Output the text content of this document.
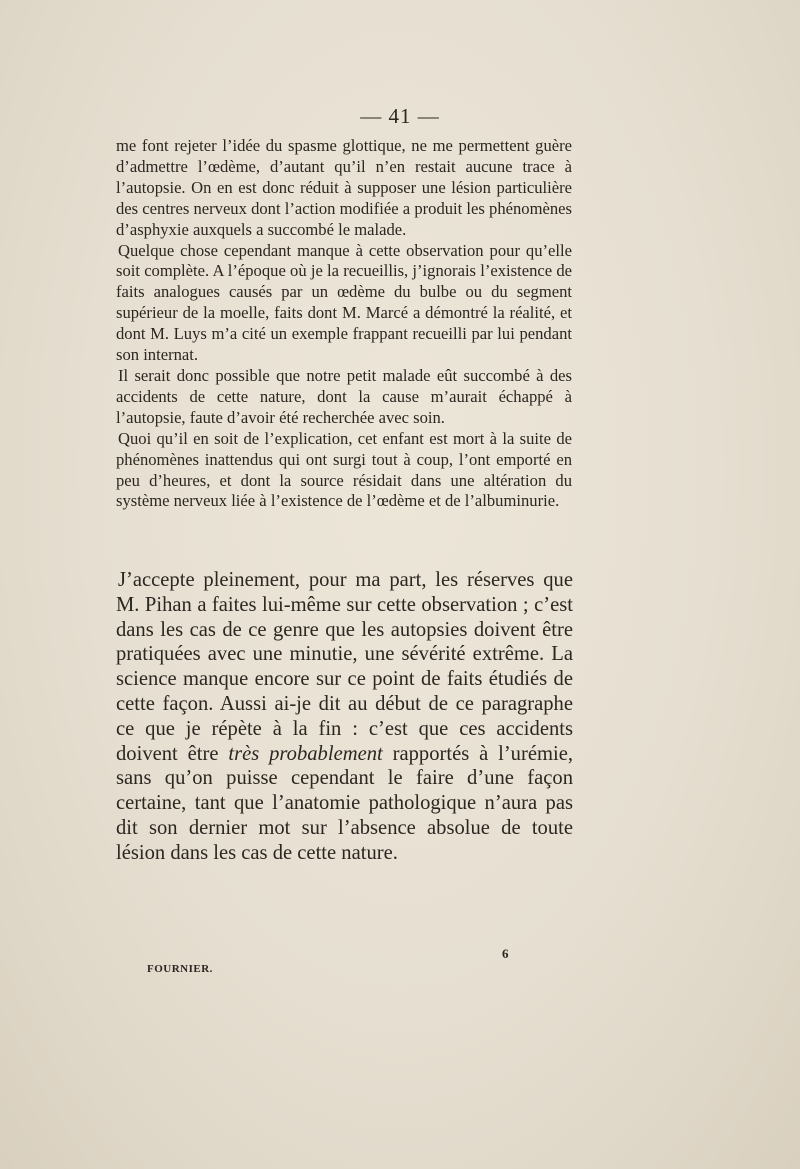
— 41 —

me font rejeter l’idée du spasme glottique, ne me permettent guère d’admettre l’œdème, d’autant qu’il n’en restait aucune trace à l’autopsie. On en est donc réduit à supposer une lésion particulière des centres nerveux dont l’action modifiée a produit les phénomènes d’asphyxie auxquels a succombé le malade.

Quelque chose cependant manque à cette observation pour qu’elle soit complète. A l’époque où je la recueillis, j’ignorais l’existence de faits analogues causés par un œdème du bulbe ou du segment supérieur de la moelle, faits dont M. Marcé a démontré la réalité, et dont M. Luys m’a cité un exemple frappant recueilli par lui pendant son internat.

Il serait donc possible que notre petit malade eût succombé à des accidents de cette nature, dont la cause m’aurait échappé à l’autopsie, faute d’avoir été recherchée avec soin.

Quoi qu’il en soit de l’explication, cet enfant est mort à la suite de phénomènes inattendus qui ont surgi tout à coup, l’ont emporté en peu d’heures, et dont la source résidait dans une altération du système nerveux liée à l’existence de l’œdème et de l’albuminurie.

J’accepte pleinement, pour ma part, les réserves que M. Pihan a faites lui-même sur cette observation ; c’est dans les cas de ce genre que les autopsies doivent être pratiquées avec une minutie, une sévérité extrême. La science manque encore sur ce point de faits étudiés de cette façon. Aussi ai-je dit au début de ce paragraphe ce que je répète à la fin : c’est que ces accidents doivent être très probablement rapportés à l’urémie, sans qu’on puisse cependant le faire d’une façon certaine, tant que l’anatomie pathologique n’aura pas dit son dernier mot sur l’absence absolue de toute lésion dans les cas de cette nature.

FOURNIER.
6
